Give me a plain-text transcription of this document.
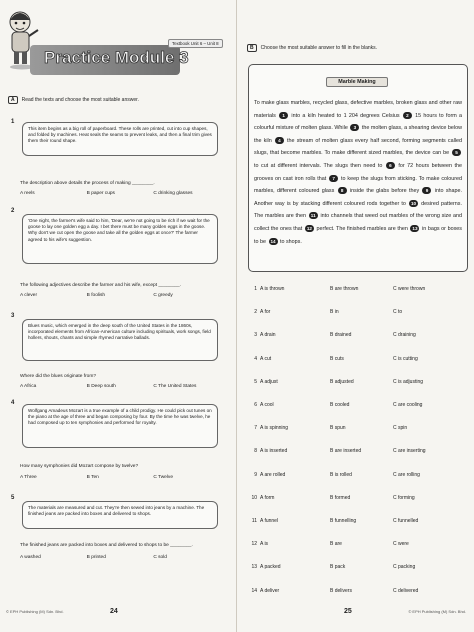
Textbook Unit 6 – Unit 8
Practice Module 3
A	Read the texts and choose the most suitable answer.
1
This item begins as a big roll of paperboard. These rolls are printed, cut into cup shapes, and folded by machines. Heat seals the seams to prevent leaks, and then a final trim gives them their round shape.
The description above details the process of making ________.
A reels	B paper cups	C drinking glasses
2
'One night, the farmer's wife said to him, 'Dear, we're not going to be rich if we wait for the goose to lay one golden egg a day. I bet there must be many golden eggs in the goose. Why don't we cut open the goose and take all the golden eggs at once?' The farmer agreed to his wife's suggestion.
The following adjectives describe the farmer and his wife, except ________.
A clever	B foolish	C greedy
3
Blues music, which emerged in the deep south of the United States in the 1860s, incorporated elements from African-American culture including spirituals, work songs, field hollers, shouts, chants and simple rhymed narrative ballads.
Where did the blues originate from?
A Africa	B Deep south	C The United States
4
Wolfgang Amadeus Mozart is a true example of a child prodigy. He could pick out tunes on the piano at the age of three and began composing by four. By the time he was twelve, he had composed up to ten symphonies and performed for royalty.
How many symphonies did Mozart compose by twelve?
A Three	B Ten	C Twelve
5
The materials are measured and cut. They're then sewed into jeans by a machine. The finished jeans are packed into boxes and delivered to shops.
The finished jeans are packed into boxes and delivered to shops to be ________.
A washed	B printed	C sold
© EPH Publishing (M) Sdn. Bhd.	24
B	Choose the most suitable answer to fill in the blanks.
Marble Making
To make glass marbles, recycled glass, defective marbles, broken glass and other raw materials 1 into a kiln heated to 1 204 degrees Celsius 2 15 hours to form a colourful mixture of molten glass. While 3 the molten glass, a shearing device below the kiln 4 the stream of molten glass every half second, forming segments called slugs, that become marbles. To make different sized marbles, the device can be 5 to cut at different intervals. The slugs then need to 6 for 72 hours between the grooves on cast iron rolls that 7 to keep the slugs from sticking. To make coloured marbles, different coloured glass 8 inside the glabs before they 9 into shape. Another way is by stacking different coloured rods together to 10 desired patterns. The marbles are then 11 into channels that weed out marbles of the wrong size and collect the ones that 12 perfect. The finished marbles are then 13 in bags or boxes to be 14 to shops.
1 A is thrown	B are thrown	C were thrown
2 A for	B in	C to
3 A drain	B drained	C draining
4 A cut	B cuts	C is cutting
5 A adjust	B adjusted	C is adjusting
6 A cool	B cooled	C are cooling
7 A is spinning	B spun	C spin
8 A is inserted	B are inserted	C are inserting
9 A are rolled	B is rolled	C are rolling
10 A form	B formed	C forming
11 A funnel	B funnelling	C funnelled
12 A is	B are	C were
13 A packed	B pack	C packing
14 A deliver	B delivers	C delivered
25	© EPH Publishing (M) Sdn. Bhd.
